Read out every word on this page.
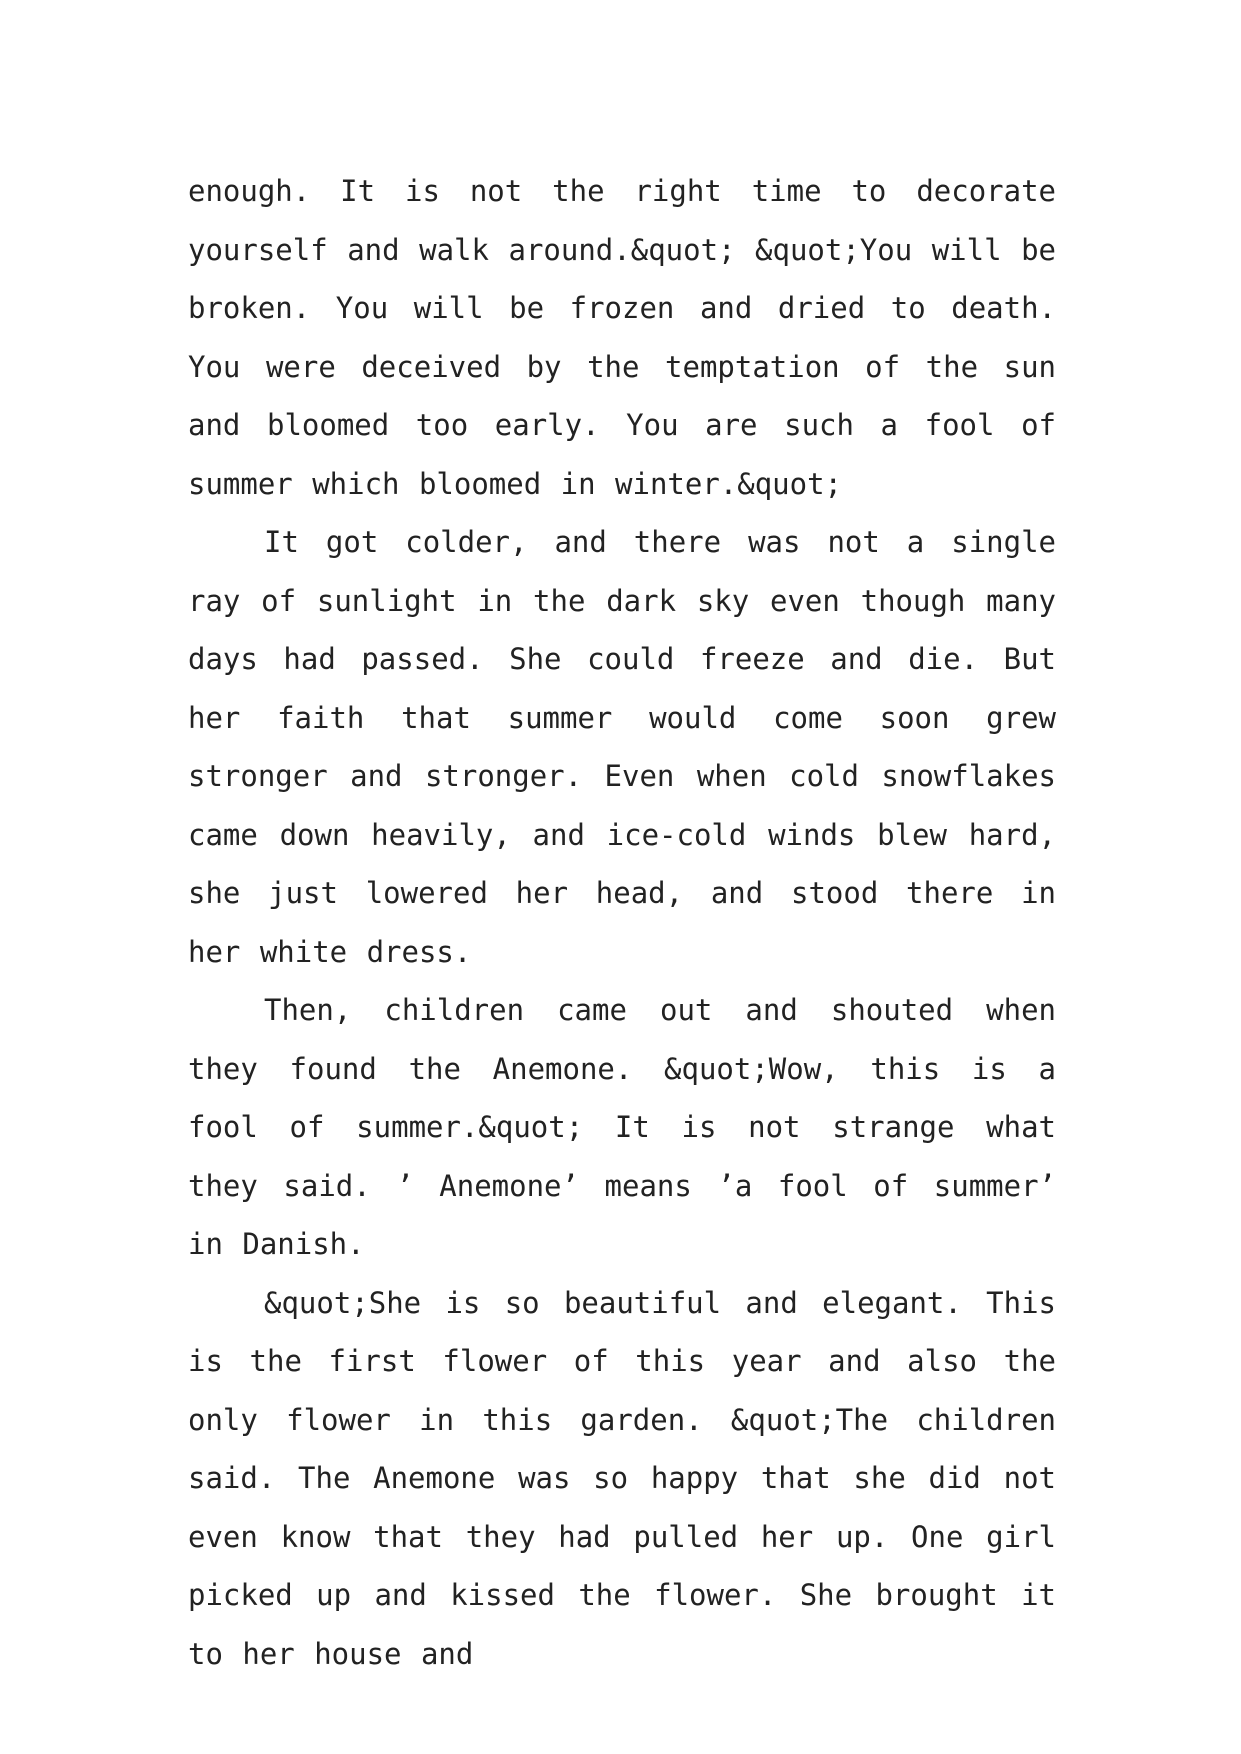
enough. It is not the right time to decorate yourself and walk around.&quot; &quot;You will be broken. You will be frozen and dried to death. You were deceived by the temptation of the sun and bloomed too early. You are such a fool of summer which bloomed in winter.&quot;

It got colder, and there was not a single ray of sunlight in the dark sky even though many days had passed. She could freeze and die. But her faith that summer would come soon grew stronger and stronger. Even when cold snowflakes came down heavily, and ice-cold winds blew hard, she just lowered her head, and stood there in her white dress.

Then, children came out and shouted when they found the Anemone. &quot;Wow, this is a fool of summer.&quot; It is not strange what they said. ’ Anemone’ means ’a fool of summer’ in Danish.

&quot;She is so beautiful and elegant. This is the first flower of this year and also the only flower in this garden. &quot;The children said. The Anemone was so happy that she did not even know that they had pulled her up. One girl picked up and kissed the flower. She brought it to her house and
